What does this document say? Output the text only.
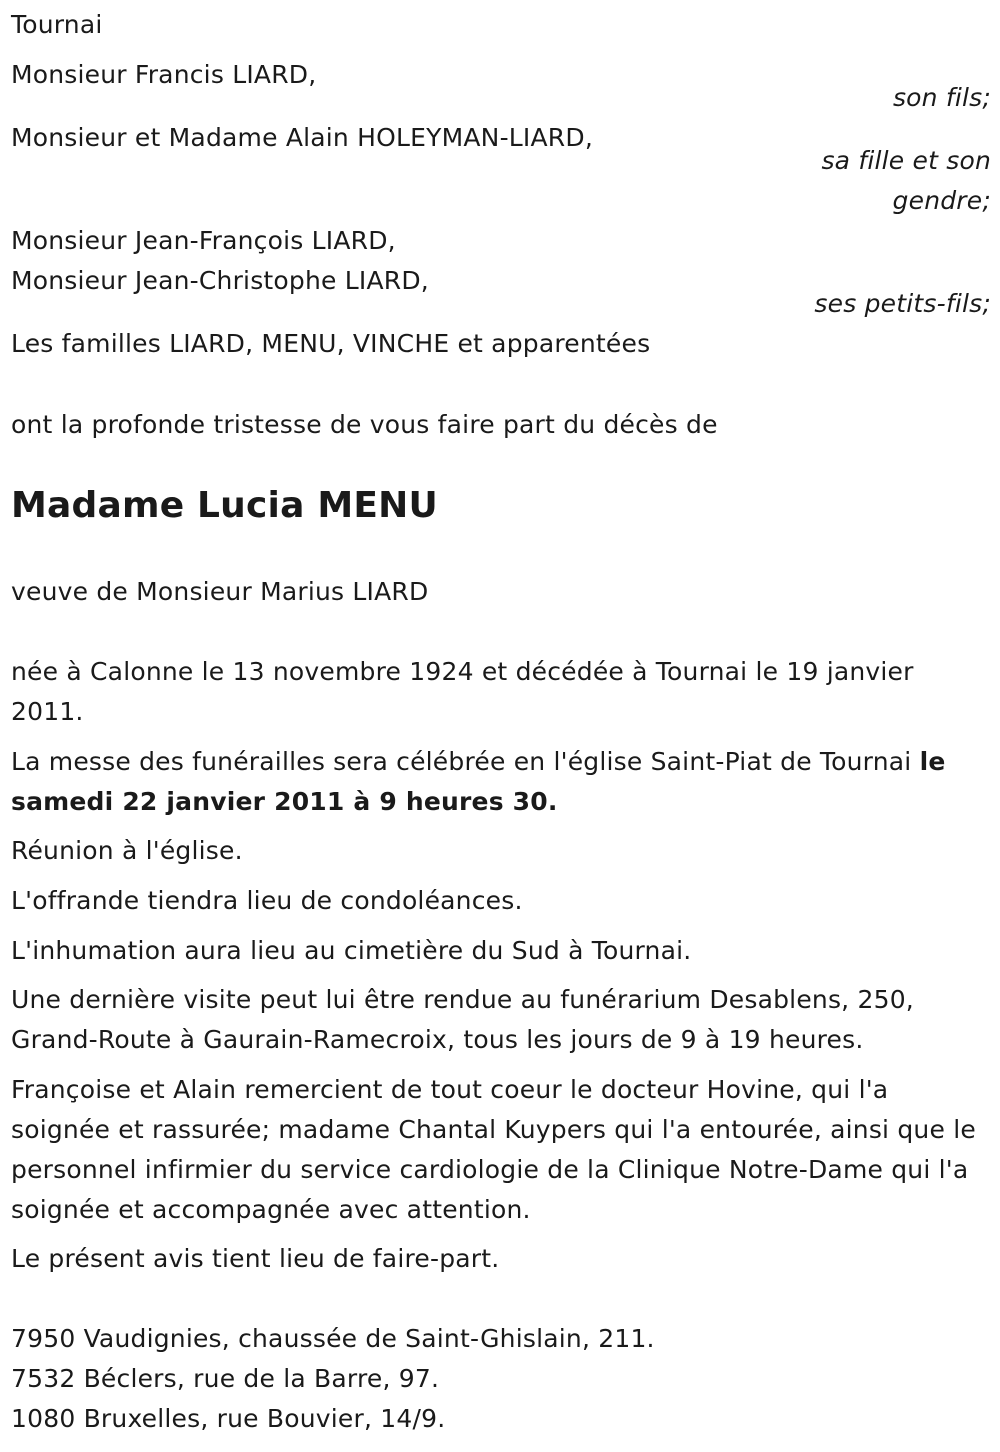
Tournai

Monsieur Francis LIARD,

son fils;

Monsieur et Madame Alain HOLEYMAN-LIARD,

sa fille et son

gendre;

Monsieur Jean-François LIARD,

Monsieur Jean-Christophe LIARD,

ses petits-fils;

Les familles LIARD, MENU, VINCHE et apparentées

ont la profonde tristesse de vous faire part du décès de

Madame Lucia MENU

veuve de Monsieur Marius LIARD

née à Calonne le 13 novembre 1924 et décédée à Tournai le 19 janvier 2011.

La messe des funérailles sera célébrée en l'église Saint-Piat de Tournai le samedi 22 janvier 2011 à 9 heures 30.

Réunion à l'église.

L'offrande tiendra lieu de condoléances.

L'inhumation aura lieu au cimetière du Sud à Tournai.

Une dernière visite peut lui être rendue au funérarium Desablens, 250, Grand-Route à Gaurain-Ramecroix, tous les jours de 9 à 19 heures.

Françoise et Alain remercient de tout coeur le docteur Hovine, qui l'a soignée et rassurée; madame Chantal Kuypers qui l'a entourée, ainsi que le personnel infirmier du service cardiologie de la Clinique Notre-Dame qui l'a soignée et accompagnée avec attention.

Le présent avis tient lieu de faire-part.

7950 Vaudignies, chaussée de Saint-Ghislain, 211.

7532 Béclers, rue de la Barre, 97.

1080 Bruxelles, rue Bouvier, 14/9.
